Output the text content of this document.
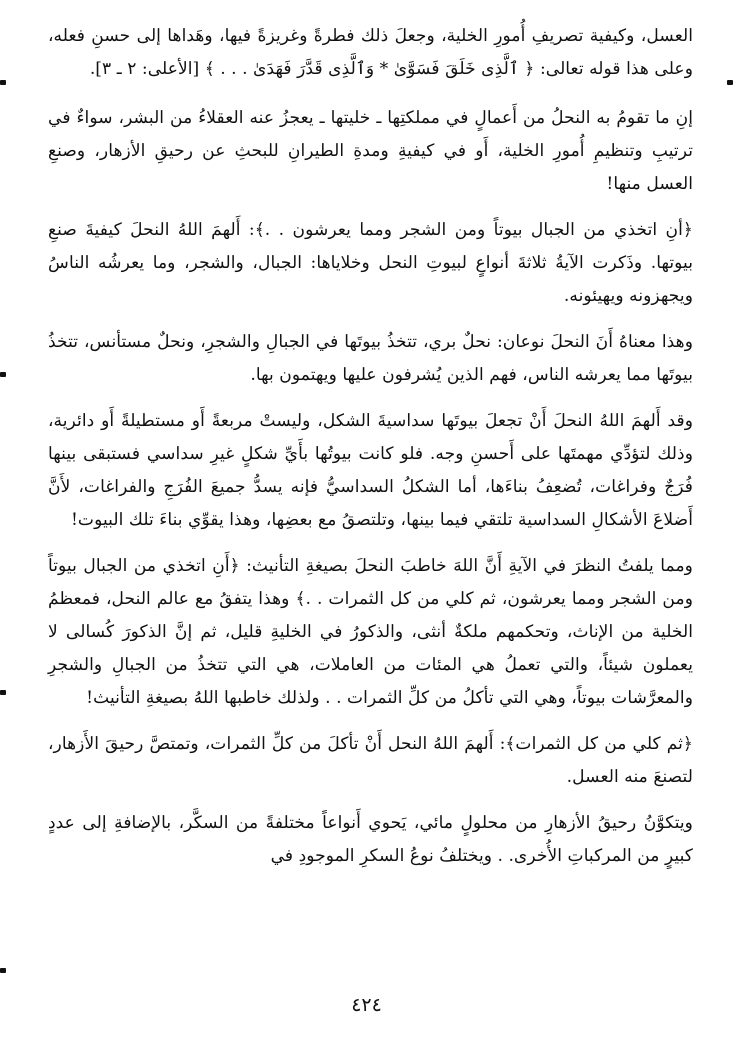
العسل، وكيفية تصريفِ أُمورِ الخلية، وجعلَ ذلك فطرةً وغريزةً فيها، وهَداها إلى حسنِ فعله، وعلى هذا قوله تعالى: ﴿ ٱلَّذِى خَلَقَ فَسَوَّىٰ * وَٱلَّذِى قَدَّرَ فَهَدَىٰ . . . ﴾ [الأعلى: ٢ ـ ٣].

إنِ ما تقومُ به النحلُ من أَعمالٍ في مملكتِها ـ خليتها ـ يعجزُ عنه العقلاءُ من البشر، سواءٌ في ترتيبِ وتنظيمِ أُمورِ الخلية، أَو في كيفيةِ ومدةِ الطيرانِ للبحثِ عن رحيقِ الأزهار، وصنعِ العسل منها!

﴿أنِ اتخذي من الجبال بيوتاً ومن الشجر ومما يعرشون . .﴾: أَلهمَ اللهُ النحلَ كيفيةَ صنعِ بيوتها. وذَكرت الآيةُ ثلاثةَ أنواعٍ لبيوتِ النحل وخلاياها: الجبال، والشجر، وما يعرشُه الناسُ ويجهزونه ويهيئونه.

وهذا معناهُ أَنَ النحلَ نوعان: نحلٌ بري، تتخذُ بيوتَها في الجبالِ والشجرِ، ونحلٌ مستأنس، تتخذُ بيوتَها مما يعرشه الناس، فهم الذين يُشرفون عليها ويهتمون بها.

وقد أَلهمَ اللهُ النحلَ أَنْ تجعلَ بيوتَها سداسيةَ الشكل، وليستْ مربعةً أَو مستطيلةً أَو دائرية، وذلك لتؤدِّي مهمتَها على أَحسنِ وجه. فلو كانت بيوتُها بأَيِّ شكلٍ غيرِ سداسي فستبقى بينها فُرَجٌ وفراغات، تُضعِفُ بناءَها، أما الشكلُ السداسيُّ فإنه يسدُّ جميعَ الفُرَجِ والفراغات، لأَنَّ أَضلاعَ الأشكالِ السداسية تلتقي فيما بينها، وتلتصقُ مع بعضِها، وهذا يقوِّي بناءَ تلك البيوت!

ومما يلفتُ النظرَ في الآيةِ أَنَّ اللهَ خاطبَ النحلَ بصيغةِ التأنيث: ﴿أَنِ اتخذي من الجبال بيوتاً ومن الشجر ومما يعرشون، ثم كلي من كل الثمرات . .﴾ وهذا يتفقُ مع عالم النحل، فمعظمُ الخلية من الإناث، وتحكمهم ملكةٌ أنثى، والذكورُ في الخليةِ قليل، ثم إنَّ الذكورَ كُسالى لا يعملون شيئاً، والتي تعملُ هي المئات من العاملات، هي التي تتخذُ من الجبالِ والشجرِ والمعرَّشات بيوتاً، وهي التي تأكلُ من كلِّ الثمرات . . ولذلك خاطبها اللهُ بصيغةِ التأنيث!

﴿ثم كلي من كل الثمرات﴾: أَلهمَ اللهُ النحل أَنْ تأكلَ من كلِّ الثمرات، وتمتصَّ رحيقَ الأَزهار، لتصنعَ منه العسل.

ويتكوَّنُ رحيقُ الأزهارِ من محلولٍ مائي، يَحوي أَنواعاً مختلفةً من السكَّر، بالإضافةِ إلى عددٍ كبيرٍ من المركباتِ الأُخرى. . ويختلفُ نوعُ السكرِ الموجودِ في

٤٢٤
